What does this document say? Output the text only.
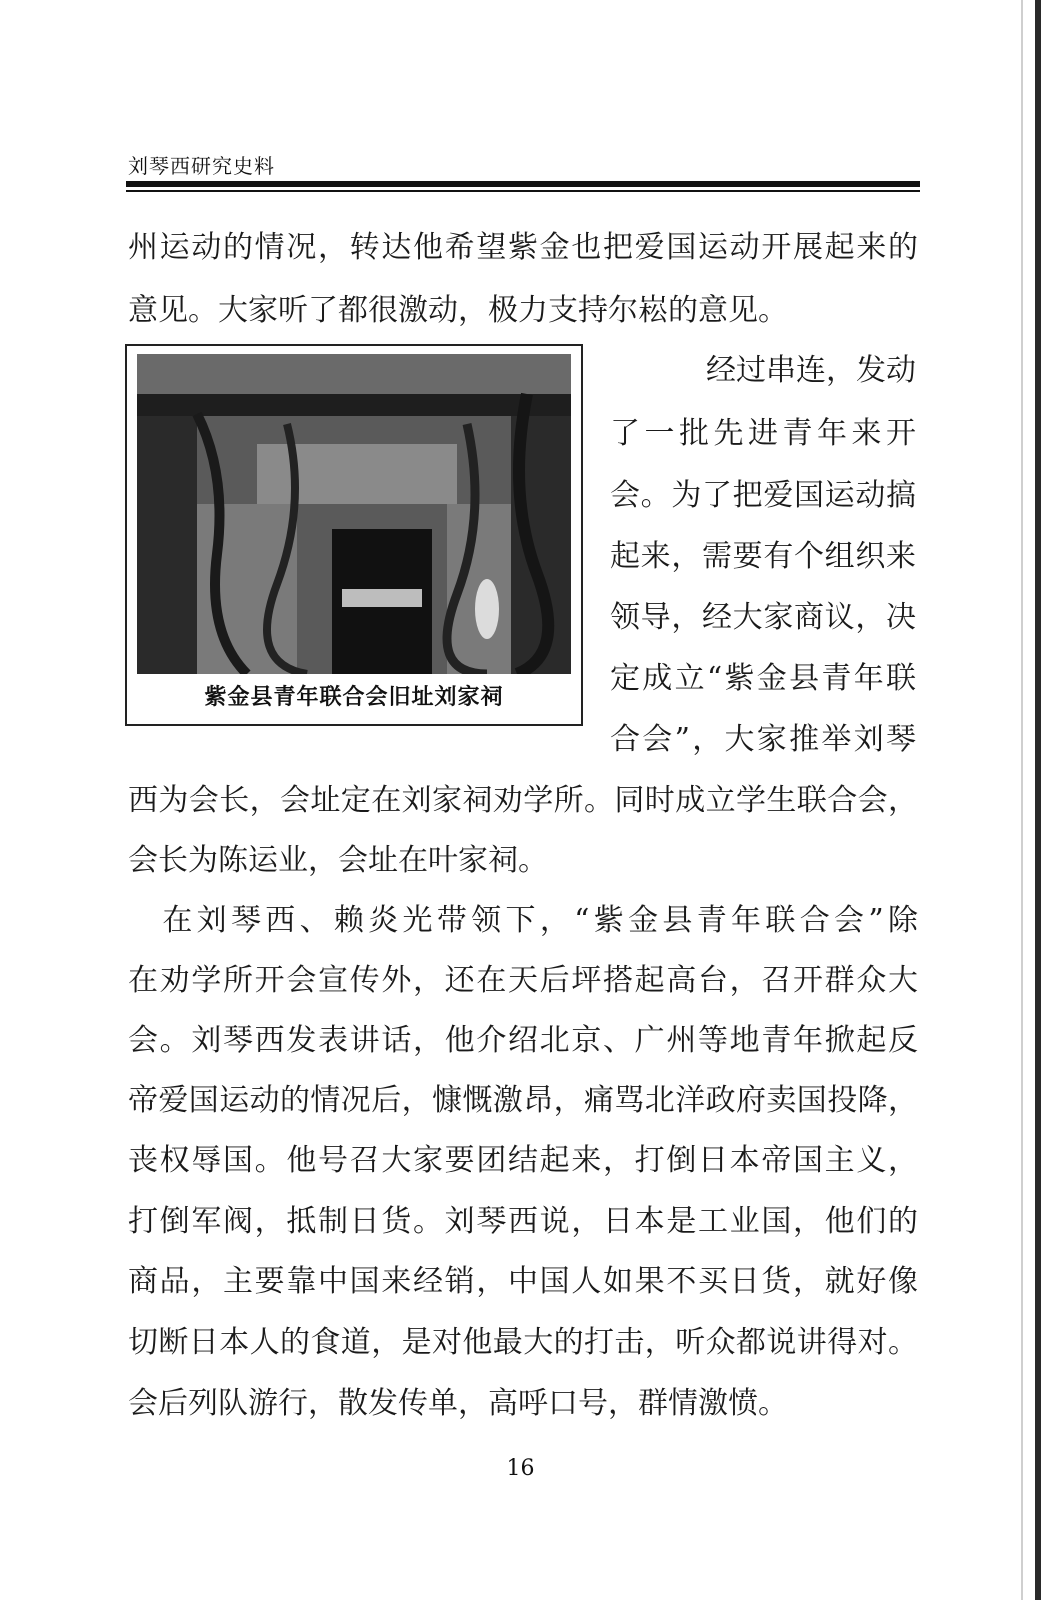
刘琴西研究史料
州运动的情况，转达他希望紫金也把爱国运动开展起来的
意见。大家听了都很激动，极力支持尔崧的意见。
紫金县青年联合会旧址刘家祠
经过串连，发动
了一批先进青年来开
会。为了把爱国运动搞
起来，需要有个组织来
领导，经大家商议，决
定成立“紫金县青年联
合会”，大家推举刘琴
西为会长，会址定在刘家祠劝学所。同时成立学生联合会，
会长为陈运业，会址在叶家祠。
　在刘琴西、赖炎光带领下，“紫金县青年联合会”除
在劝学所开会宣传外，还在天后坪搭起高台，召开群众大
会。刘琴西发表讲话，他介绍北京、广州等地青年掀起反
帝爱国运动的情况后，慷慨激昂，痛骂北洋政府卖国投降，
丧权辱国。他号召大家要团结起来，打倒日本帝国主义，
打倒军阀，抵制日货。刘琴西说，日本是工业国，他们的
商品，主要靠中国来经销，中国人如果不买日货，就好像
切断日本人的食道，是对他最大的打击，听众都说讲得对。
会后列队游行，散发传单，高呼口号，群情激愤。
16
